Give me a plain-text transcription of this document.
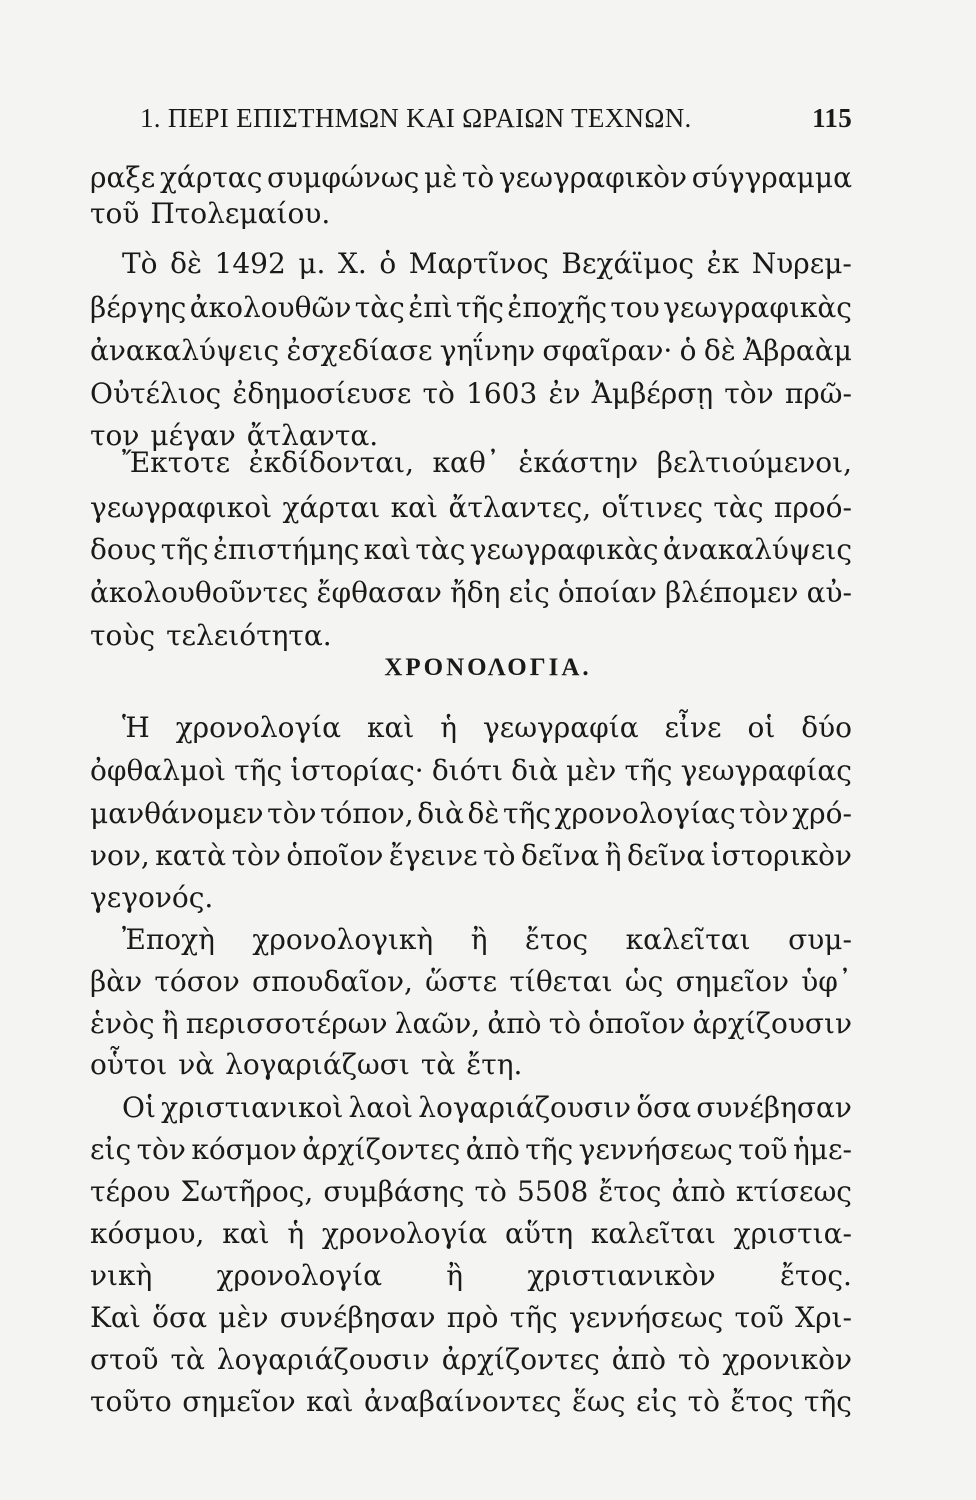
1. ΠΕΡΙ ΕΠΙΣΤΗΜΩΝ ΚΑΙ ΩΡΑΙΩΝ ΤΕΧΝΩΝ.	115
ραξε χάρτας συμφώνως μὲ τὸ γεωγραφικὸν σύγγραμμα
τοῦ Πτολεμαίου.
Τὸ δὲ 1492 μ. Χ. ὁ Μαρτῖνος Βεχάϊμος ἐκ Νυρεμ-
βέργης ἀκολουθῶν τὰς ἐπὶ τῆς ἐποχῆς του γεωγραφικὰς
ἀνακαλύψεις ἐσχεδίασε γηΐνην σφαῖραν· ὁ δὲ Ἀβραὰμ
Οὐτέλιος ἐδημοσίευσε τὸ 1603 ἐν Ἀμβέρσῃ τὸν πρῶ-
τον μέγαν ἄτλαντα.
Ἔκτοτε ἐκδίδονται, καθ᾽ ἑκάστην βελτιούμενοι,
γεωγραφικοὶ χάρται καὶ ἄτλαντες, οἵτινες τὰς προό-
δους τῆς ἐπιστήμης καὶ τὰς γεωγραφικὰς ἀνακαλύψεις
ἀκολουθοῦντες ἔφθασαν ἤδη εἰς ὁποίαν βλέπομεν αὐ-
τοὺς τελειότητα.
Ἡ χρονολογία καὶ ἡ γεωγραφία εἶνε οἱ δύο
ὀφθαλμοὶ τῆς ἱστορίας· διότι διὰ μὲν τῆς γεωγραφίας
μανθάνομεν τὸν τόπον, διὰ δὲ τῆς χρονολογίας τὸν χρό-
νον, κατὰ τὸν ὁποῖον ἔγεινε τὸ δεῖνα ἢ δεῖνα ἱστορικὸν
γεγονός.
Ἐποχὴ χρονολογικὴ ἢ ἔτος καλεῖται συμ-
βὰν τόσον σπουδαῖον, ὥστε τίθεται ὡς σημεῖον ὑφ᾽
ἑνὸς ἢ περισσοτέρων λαῶν, ἀπὸ τὸ ὁποῖον ἀρχίζουσιν
οὗτοι νὰ λογαριάζωσι τὰ ἔτη.
Οἱ χριστιανικοὶ λαοὶ λογαριάζουσιν ὅσα συνέβησαν
εἰς τὸν κόσμον ἀρχίζοντες ἀπὸ τῆς γεννήσεως τοῦ ἡμε-
τέρου Σωτῆρος, συμβάσης τὸ 5508 ἔτος ἀπὸ κτίσεως
κόσμου, καὶ ἡ χρονολογία αὕτη καλεῖται χριστια-
νικὴ χρονολογία ἢ χριστιανικὸν ἔτος.
Καὶ ὅσα μὲν συνέβησαν πρὸ τῆς γεννήσεως τοῦ Χρι-
στοῦ τὰ λογαριάζουσιν ἀρχίζοντες ἀπὸ τὸ χρονικὸν
τοῦτο σημεῖον καὶ ἀναβαίνοντες ἕως εἰς τὸ ἔτος τῆς
ΧΡΟΝΟΛΟΓΙΑ.
